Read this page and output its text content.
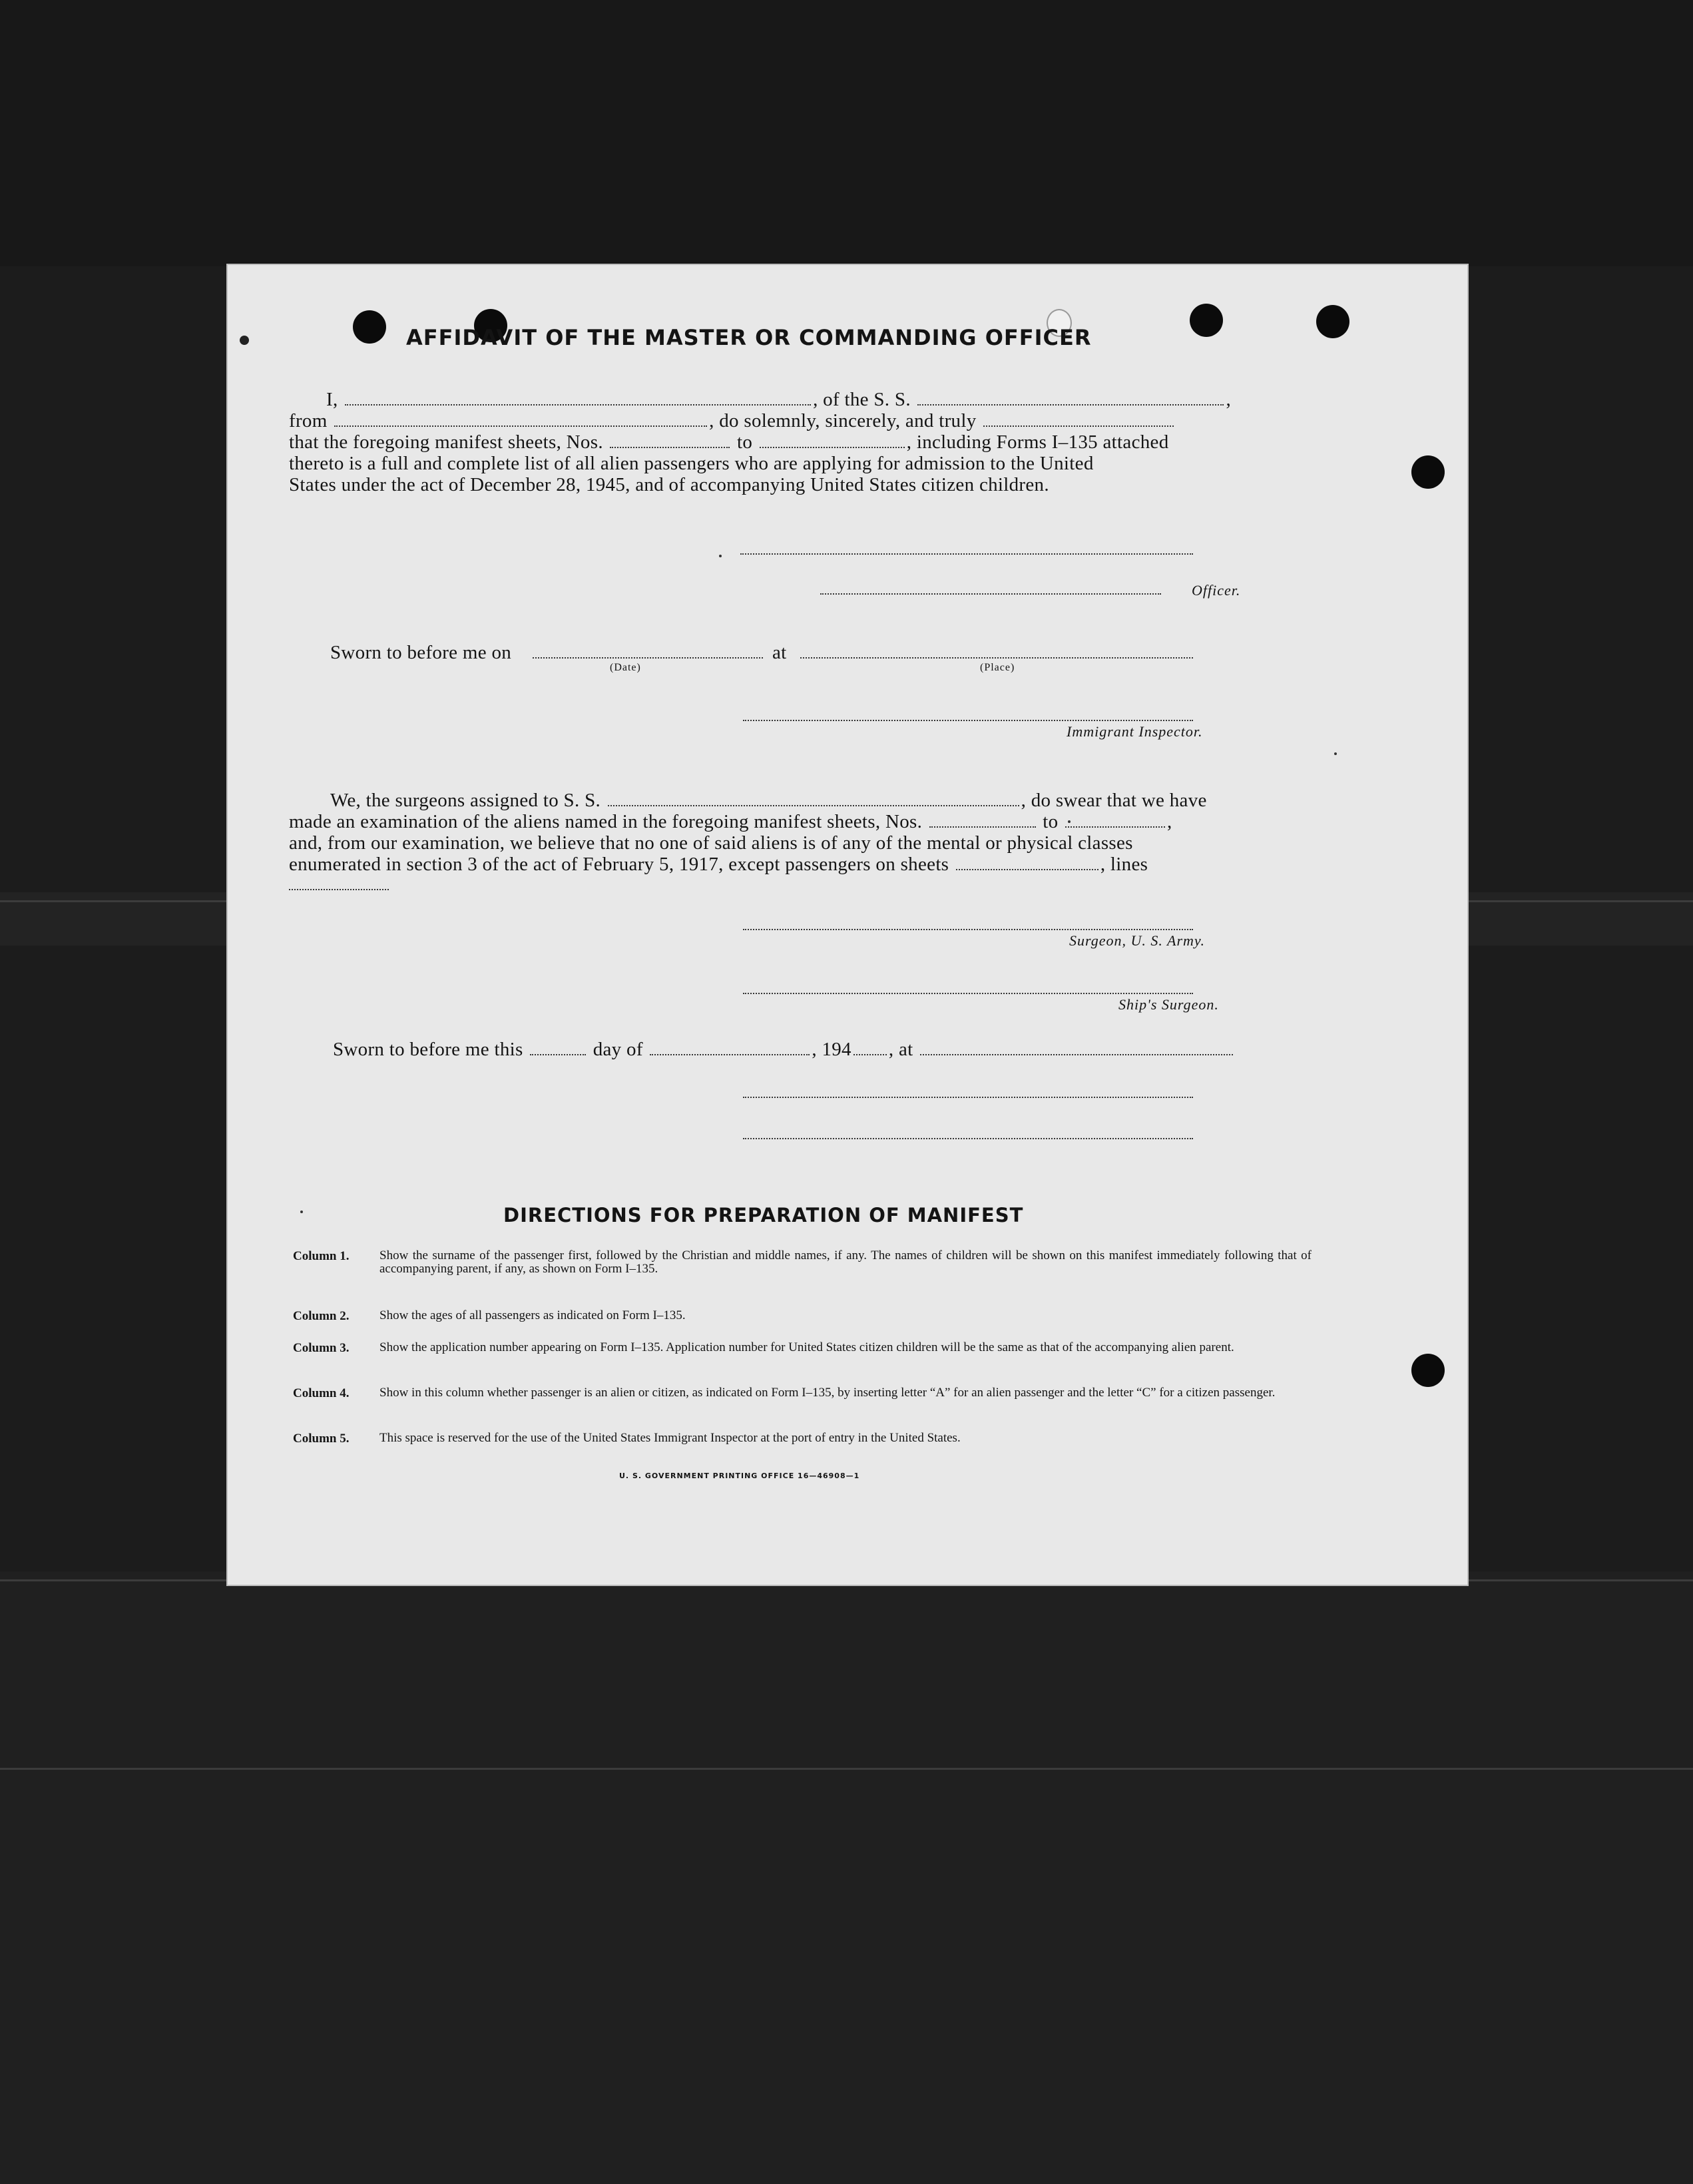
AFFIDAVIT OF THE MASTER OR COMMANDING OFFICER
I,	, of the S. S.	,
from	, do solemnly, sincerely, and truly
that the foregoing manifest sheets, Nos.	to	, including Forms I–135 attached
thereto is a full and complete list of all alien passengers who are applying for admission to the United
States under the act of December 28, 1945, and of accompanying United States citizen children.
Officer.
Sworn to before me on
(Date)
at
(Place)
Immigrant Inspector.
We, the surgeons assigned to S. S.	, do swear that we have
made an examination of the aliens named in the foregoing manifest sheets, Nos.	to	,
and, from our examination, we believe that no one of said aliens is of any of the mental or physical classes
enumerated in section 3 of the act of February 5, 1917, except passengers on sheets	, lines
Surgeon, U. S. Army.
Ship's Surgeon.
Sworn to before me this	day of	, 194 , at
DIRECTIONS FOR PREPARATION OF MANIFEST
Column 1.	Show the surname of the passenger first, followed by the Christian and middle names, if any. The names of children will be shown on this manifest immediately following that of accompanying parent, if any, as shown on Form I–135.
Column 2.	Show the ages of all passengers as indicated on Form I–135.
Column 3.	Show the application number appearing on Form I–135. Application number for United States citizen children will be the same as that of the accompanying alien parent.
Column 4.	Show in this column whether passenger is an alien or citizen, as indicated on Form I–135, by inserting letter “A” for an alien passenger and the letter “C” for a citizen passenger.
Column 5.	This space is reserved for the use of the United States Immigrant Inspector at the port of entry in the United States.
U. S. GOVERNMENT PRINTING OFFICE 16—46908—1
